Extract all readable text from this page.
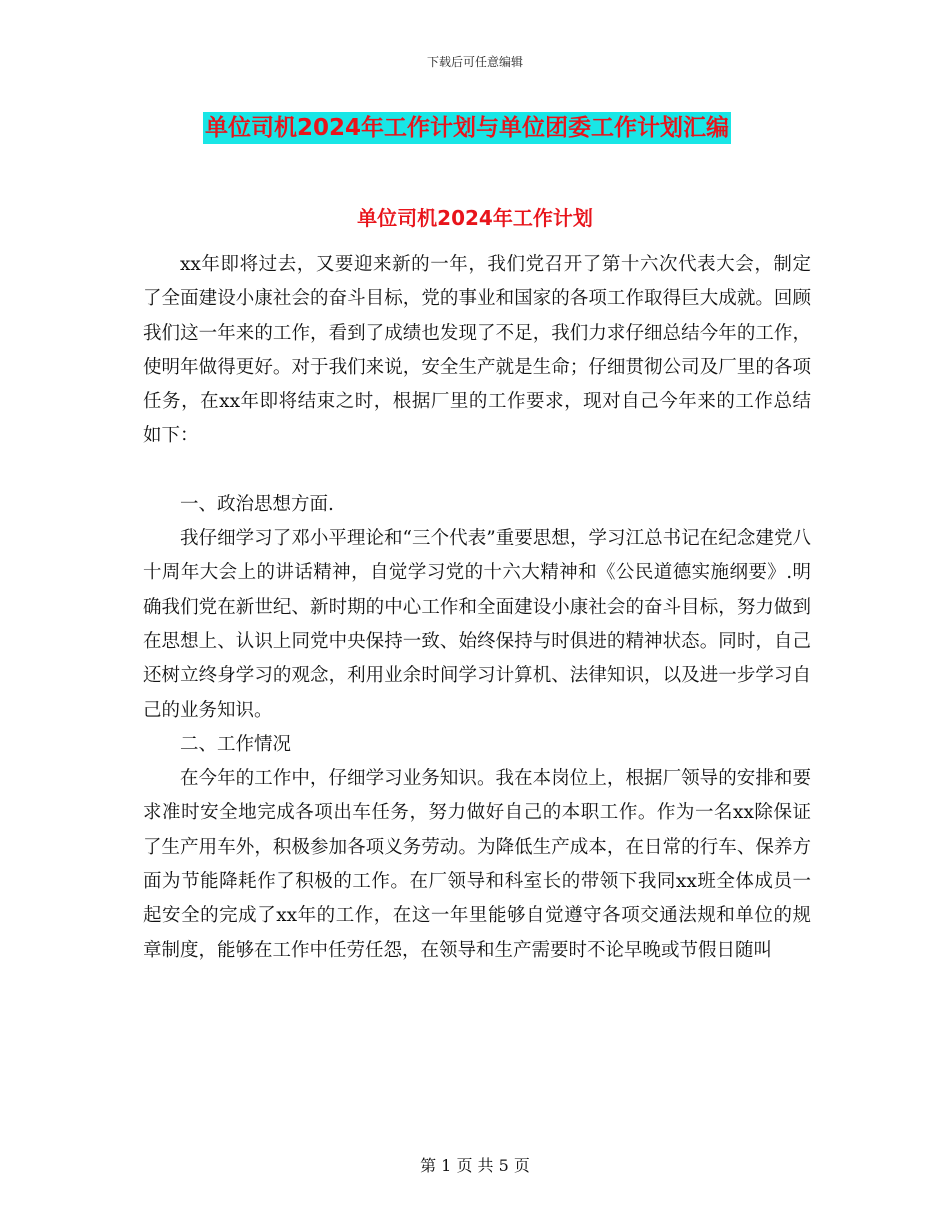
下载后可任意编辑
单位司机2024年工作计划与单位团委工作计划汇编
单位司机2024年工作计划

xx年即将过去，又要迎来新的一年，我们党召开了第十六次代表大会，制定了全面建设小康社会的奋斗目标，党的事业和国家的各项工作取得巨大成就。回顾我们这一年来的工作，看到了成绩也发现了不足，我们力求仔细总结今年的工作，使明年做得更好。对于我们来说，安全生产就是生命；仔细贯彻公司及厂里的各项任务，在xx年即将结束之时，根据厂里的工作要求，现对自己今年来的工作总结如下：

一、政治思想方面.

我仔细学习了邓小平理论和“三个代表”重要思想，学习江总书记在纪念建党八十周年大会上的讲话精神，自觉学习党的十六大精神和《公民道德实施纲要》.明确我们党在新世纪、新时期的中心工作和全面建设小康社会的奋斗目标，努力做到在思想上、认识上同党中央保持一致、始终保持与时俱进的精神状态。同时，自己还树立终身学习的观念，利用业余时间学习计算机、法律知识，以及进一步学习自己的业务知识。

二、工作情况

在今年的工作中，仔细学习业务知识。我在本岗位上，根据厂领导的安排和要求准时安全地完成各项出车任务，努力做好自己的本职工作。作为一名xx除保证了生产用车外，积极参加各项义务劳动。为降低生产成本，在日常的行车、保养方面为节能降耗作了积极的工作。在厂领导和科室长的带领下我同xx班全体成员一起安全的完成了xx年的工作，在这一年里能够自觉遵守各项交通法规和单位的规章制度，能够在工作中任劳任怨，在领导和生产需要时不论早晚或节假日随叫

第 1 页 共 5 页
